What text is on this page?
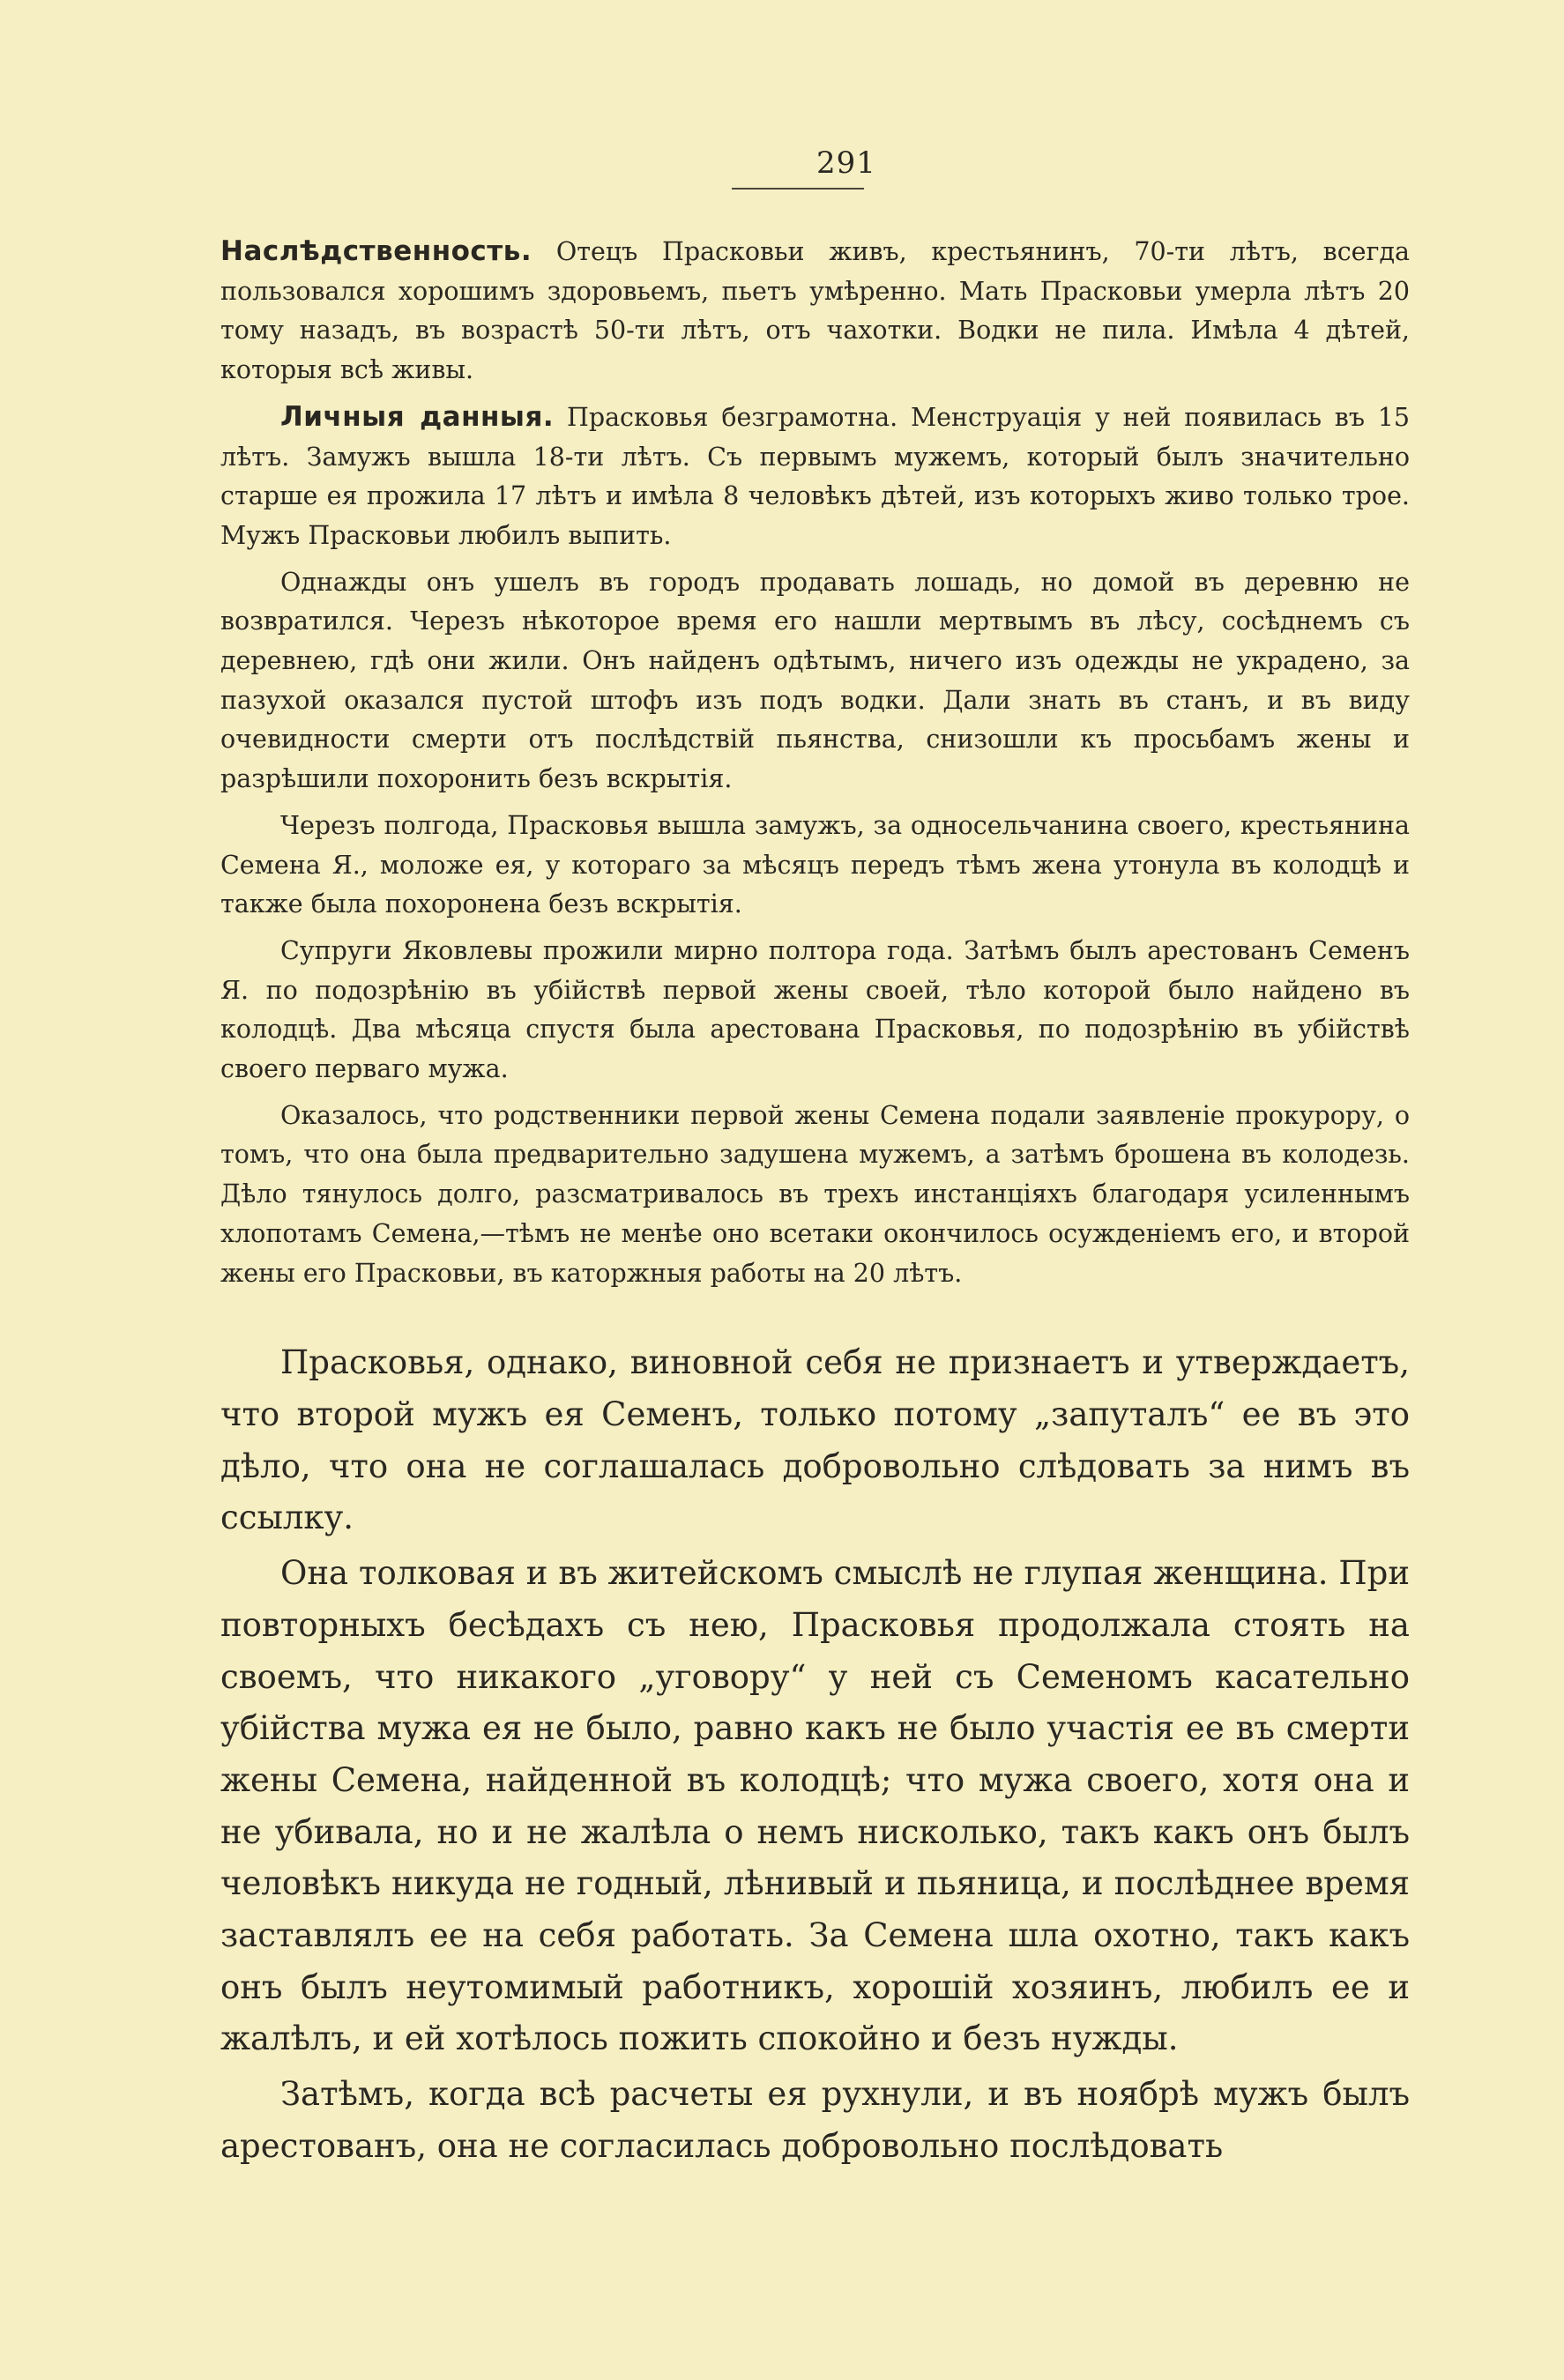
291

Наслѣдственность. Отецъ Прасковьи живъ, крестьянинъ, 70-ти лѣтъ, всегда пользовался хорошимъ здоровьемъ, пьетъ умѣренно. Мать Прасковьи умерла лѣтъ 20 тому назадъ, въ возрастѣ 50-ти лѣтъ, отъ чахотки. Водки не пила. Имѣла 4 дѣтей, которыя всѣ живы.

Личныя данныя. Прасковья безграмотна. Менструація у ней появилась въ 15 лѣтъ. Замужъ вышла 18-ти лѣтъ. Съ первымъ мужемъ, который былъ значительно старше ея прожила 17 лѣтъ и имѣла 8 человѣкъ дѣтей, изъ которыхъ живо только трое. Мужъ Прасковьи любилъ выпить.

Однажды онъ ушелъ въ городъ продавать лошадь, но домой въ деревню не возвратился. Черезъ нѣкоторое время его нашли мертвымъ въ лѣсу, сосѣднемъ съ деревнею, гдѣ они жили. Онъ найденъ одѣтымъ, ничего изъ одежды не украдено, за пазухой оказался пустой штофъ изъ подъ водки. Дали знать въ станъ, и въ виду очевидности смерти отъ послѣдствій пьянства, снизошли къ просьбамъ жены и разрѣшили похоронить безъ вскрытія.

Черезъ полгода, Прасковья вышла замужъ, за односельчанина своего, крестьянина Семена Я., моложе ея, у котораго за мѣсяцъ передъ тѣмъ жена утонула въ колодцѣ и также была похоронена безъ вскрытія.

Супруги Яковлевы прожили мирно полтора года. Затѣмъ былъ арестованъ Семенъ Я. по подозрѣнію въ убійствѣ первой жены своей, тѣло которой было найдено въ колодцѣ. Два мѣсяца спустя была арестована Прасковья, по подозрѣнію въ убійствѣ своего перваго мужа.

Оказалось, что родственники первой жены Семена подали заявленіе прокурору, о томъ, что она была предварительно задушена мужемъ, а затѣмъ брошена въ колодезь. Дѣло тянулось долго, разсматривалось въ трехъ инстанціяхъ благодаря усиленнымъ хлопотамъ Семена,—тѣмъ не менѣе оно всетаки окончилось осужденіемъ его, и второй жены его Прасковьи, въ каторжныя работы на 20 лѣтъ.

Прасковья, однако, виновной себя не признаетъ и утверждаетъ, что второй мужъ ея Семенъ, только потому „запуталъ“ ее въ это дѣло, что она не соглашалась добровольно слѣдовать за нимъ въ ссылку.

Она толковая и въ житейскомъ смыслѣ не глупая женщина. При повторныхъ бесѣдахъ съ нею, Прасковья продолжала стоять на своемъ, что никакого „уговору“ у ней съ Семеномъ касательно убійства мужа ея не было, равно какъ не было участія ее въ смерти жены Семена, найденной въ колодцѣ; что мужа своего, хотя она и не убивала, но и не жалѣла о немъ нисколько, такъ какъ онъ былъ человѣкъ никуда не годный, лѣнивый и пьяница, и послѣднее время заставлялъ ее на себя работать. За Семена шла охотно, такъ какъ онъ былъ неутомимый работникъ, хорошій хозяинъ, любилъ ее и жалѣлъ, и ей хотѣлось пожить спокойно и безъ нужды.

Затѣмъ, когда всѣ расчеты ея рухнули, и въ ноябрѣ мужъ былъ арестованъ, она не согласилась добровольно послѣдовать
